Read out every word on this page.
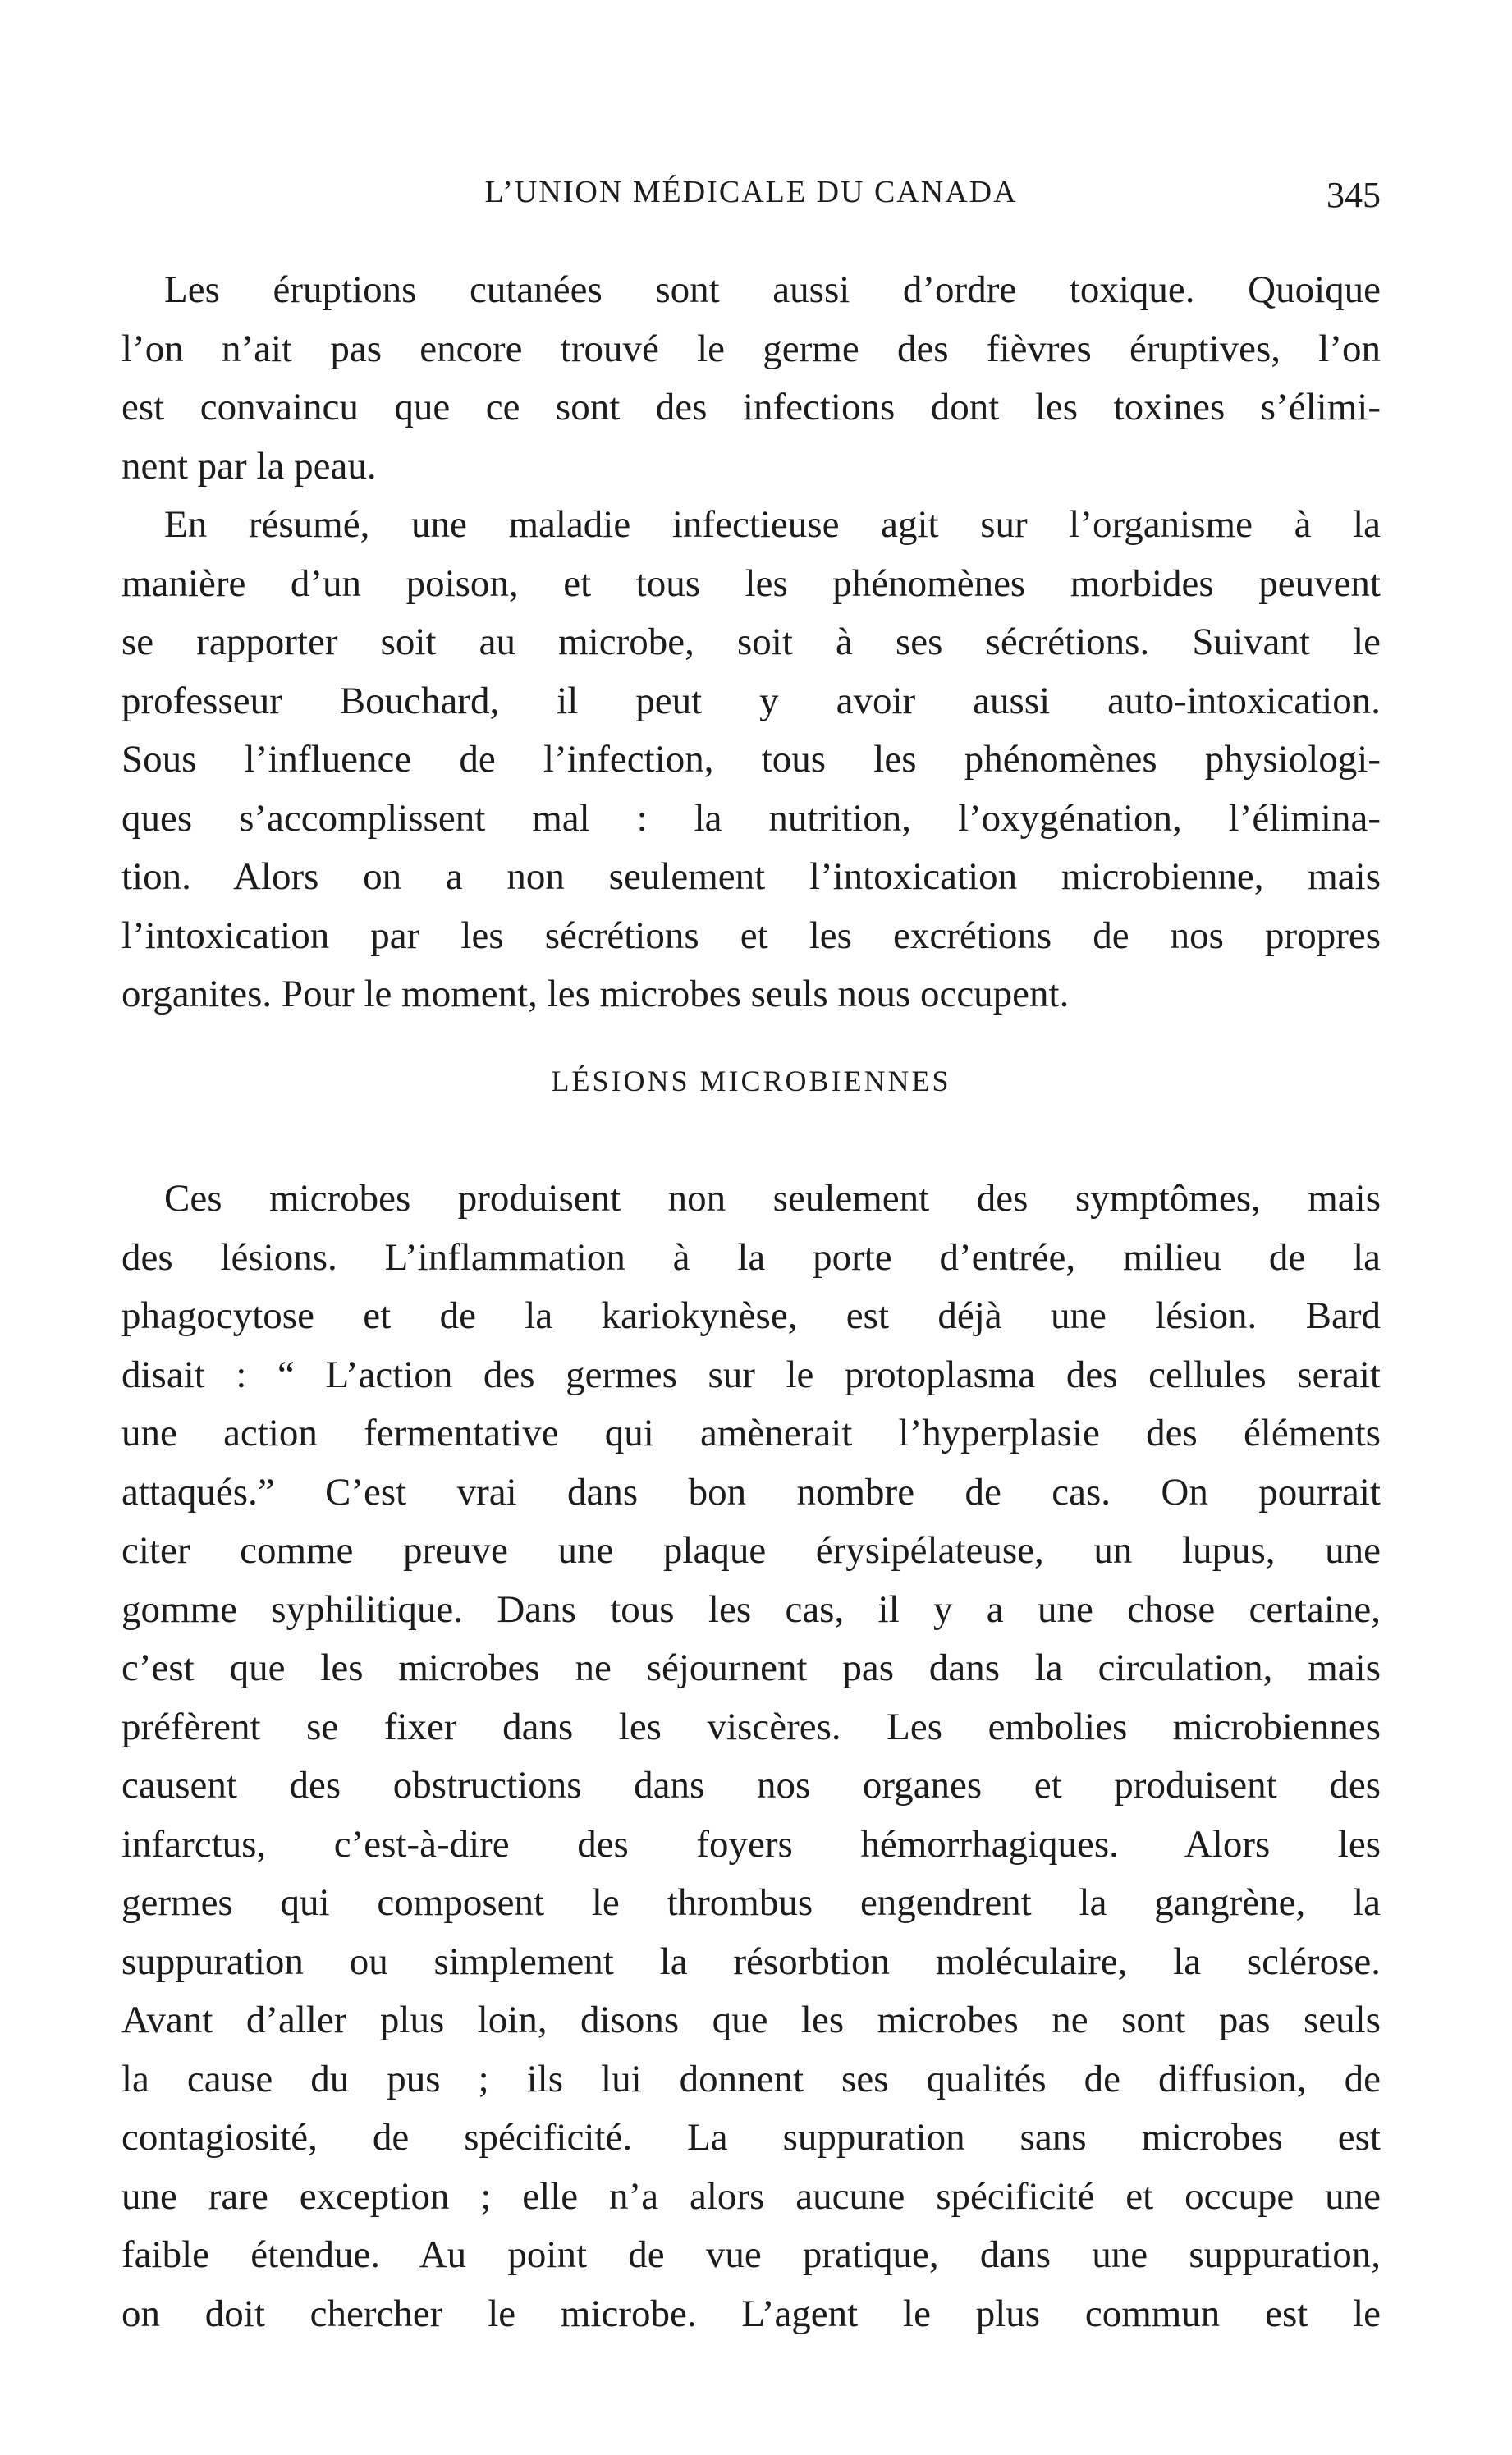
L’UNION MÉDICALE DU CANADA	345
Les éruptions cutanées sont aussi d’ordre toxique. Quoique
l’on n’ait pas encore trouvé le germe des fièvres éruptives, l’on
est convaincu que ce sont des infections dont les toxines s’élimi-
nent par la peau.
En résumé, une maladie infectieuse agit sur l’organisme à la
manière d’un poison, et tous les phénomènes morbides peuvent
se rapporter soit au microbe, soit à ses sécrétions. Suivant le
professeur Bouchard, il peut y avoir aussi auto-intoxication.
Sous l’influence de l’infection, tous les phénomènes physiologi-
ques s’accomplissent mal : la nutrition, l’oxygénation, l’élimina-
tion. Alors on a non seulement l’intoxication microbienne, mais
l’intoxication par les sécrétions et les excrétions de nos propres
organites. Pour le moment, les microbes seuls nous occupent.
LÉSIONS MICROBIENNES
Ces microbes produisent non seulement des symptômes, mais
des lésions. L’inflammation à la porte d’entrée, milieu de la
phagocytose et de la kariokynèse, est déjà une lésion. Bard
disait : “ L’action des germes sur le protoplasma des cellules serait
une action fermentative qui amènerait l’hyperplasie des éléments
attaqués.” C’est vrai dans bon nombre de cas. On pourrait
citer comme preuve une plaque érysipélateuse, un lupus, une
gomme syphilitique. Dans tous les cas, il y a une chose certaine,
c’est que les microbes ne séjournent pas dans la circulation, mais
préfèrent se fixer dans les viscères. Les embolies microbiennes
causent des obstructions dans nos organes et produisent des
infarctus, c’est-à-dire des foyers hémorrhagiques. Alors les
germes qui composent le thrombus engendrent la gangrène, la
suppuration ou simplement la résorbtion moléculaire, la sclérose.
Avant d’aller plus loin, disons que les microbes ne sont pas seuls
la cause du pus ; ils lui donnent ses qualités de diffusion, de
contagiosité, de spécificité. La suppuration sans microbes est
une rare exception ; elle n’a alors aucune spécificité et occupe une
faible étendue. Au point de vue pratique, dans une suppuration,
on doit chercher le microbe. L’agent le plus commun est le
